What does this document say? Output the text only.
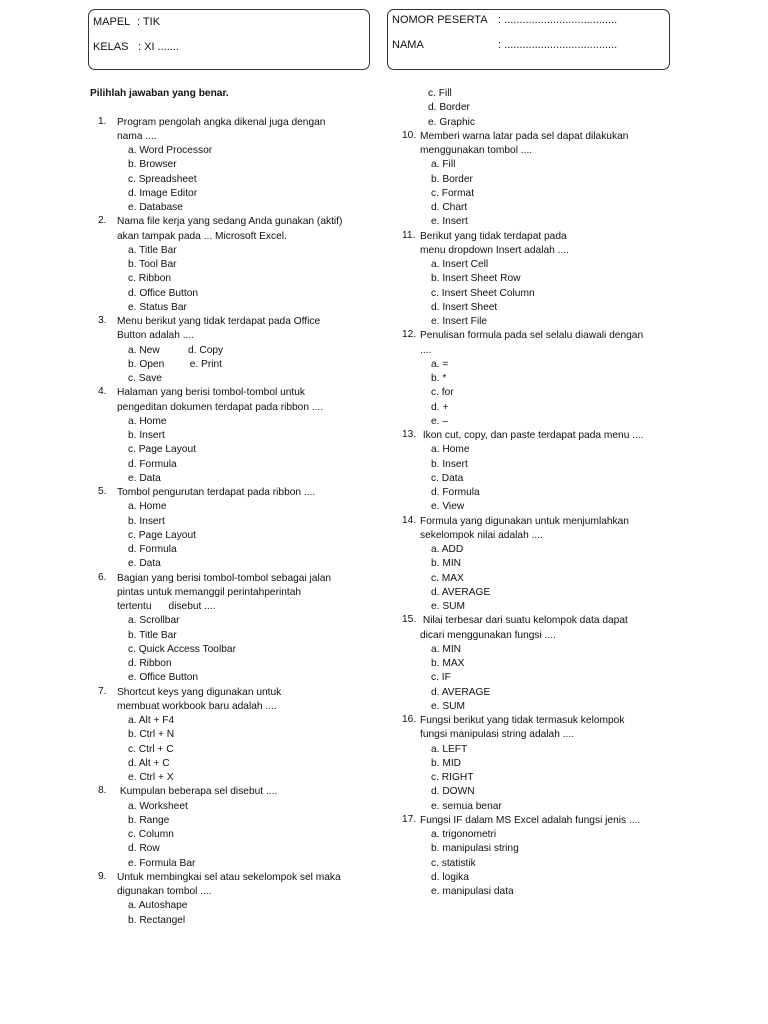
MAPEL : TIK
KELAS : XI .......
NOMOR PESERTA : .....................................
NAMA	: .....................................
Pilihlah jawaban yang benar.
1.	Program pengolah angka dikenal juga dengan
nama ....
a. Word Processor
b. Browser
c. Spreadsheet
d. Image Editor
e. Database
2.	Nama file kerja yang sedang Anda gunakan (aktif)
akan tampak pada ... Microsoft Excel.
a. Title Bar
b. Tool Bar
c. Ribbon
d. Office Button
e. Status Bar
3.	Menu berikut yang tidak terdapat pada Office
Button adalah ....
a. New          d. Copy
b. Open         e. Print
c. Save
4.	Halaman yang berisi tombol-tombol untuk
pengeditan dokumen terdapat pada ribbon ....
a. Home
b. Insert
c. Page Layout
d. Formula
e. Data
5.	Tombol pengurutan terdapat pada ribbon ....
a. Home
b. Insert
c. Page Layout
d. Formula
e. Data
6.	Bagian yang berisi tombol-tombol sebagai jalan
pintas untuk memanggil perintahperintah
tertentu      disebut ....
a. Scrollbar
b. Title Bar
c. Quick Access Toolbar
d. Ribbon
e. Office Button
7.	Shortcut keys yang digunakan untuk
membuat workbook baru adalah ....
a. Alt + F4
b. Ctrl + N
c. Ctrl + C
d. Alt + C
e. Ctrl + X
8.	Kumpulan beberapa sel disebut ....
a. Worksheet
b. Range
c. Column
d. Row
e. Formula Bar
9.	Untuk membingkai sel atau sekelompok sel maka
digunakan tombol ....
a. Autoshape
b. Rectangel
c. Fill
d. Border
e. Graphic
10. Memberi warna latar pada sel dapat dilakukan
menggunakan tombol ....
a. Fill
b. Border
c. Format
d. Chart
e. Insert
11. Berikut yang tidak terdapat pada
menu dropdown Insert adalah ....
a. Insert Cell
b. Insert Sheet Row
c. Insert Sheet Column
d. Insert Sheet
e. Insert File
12. Penulisan formula pada sel selalu diawali dengan
....
a. =
b. *
c. for
d. +
e. –
13. Ikon cut, copy, dan paste terdapat pada menu ....
a. Home
b. Insert
c. Data
d. Formula
e. View
14. Formula yang digunakan untuk menjumlahkan
sekelompok nilai adalah ....
a. ADD
b. MIN
c. MAX
d. AVERAGE
e. SUM
15. Nilai terbesar dari suatu kelompok data dapat
dicari menggunakan fungsi ....
a. MIN
b. MAX
c. IF
d. AVERAGE
e. SUM
16. Fungsi berikut yang tidak termasuk kelompok
fungsi manipulasi string adalah ....
a. LEFT
b. MID
c. RIGHT
d. DOWN
e. semua benar
17. Fungsi IF dalam MS Excel adalah fungsi jenis ....
a. trigonometri
b. manipulasi string
c. statistik
d. logika
e. manipulasi data
